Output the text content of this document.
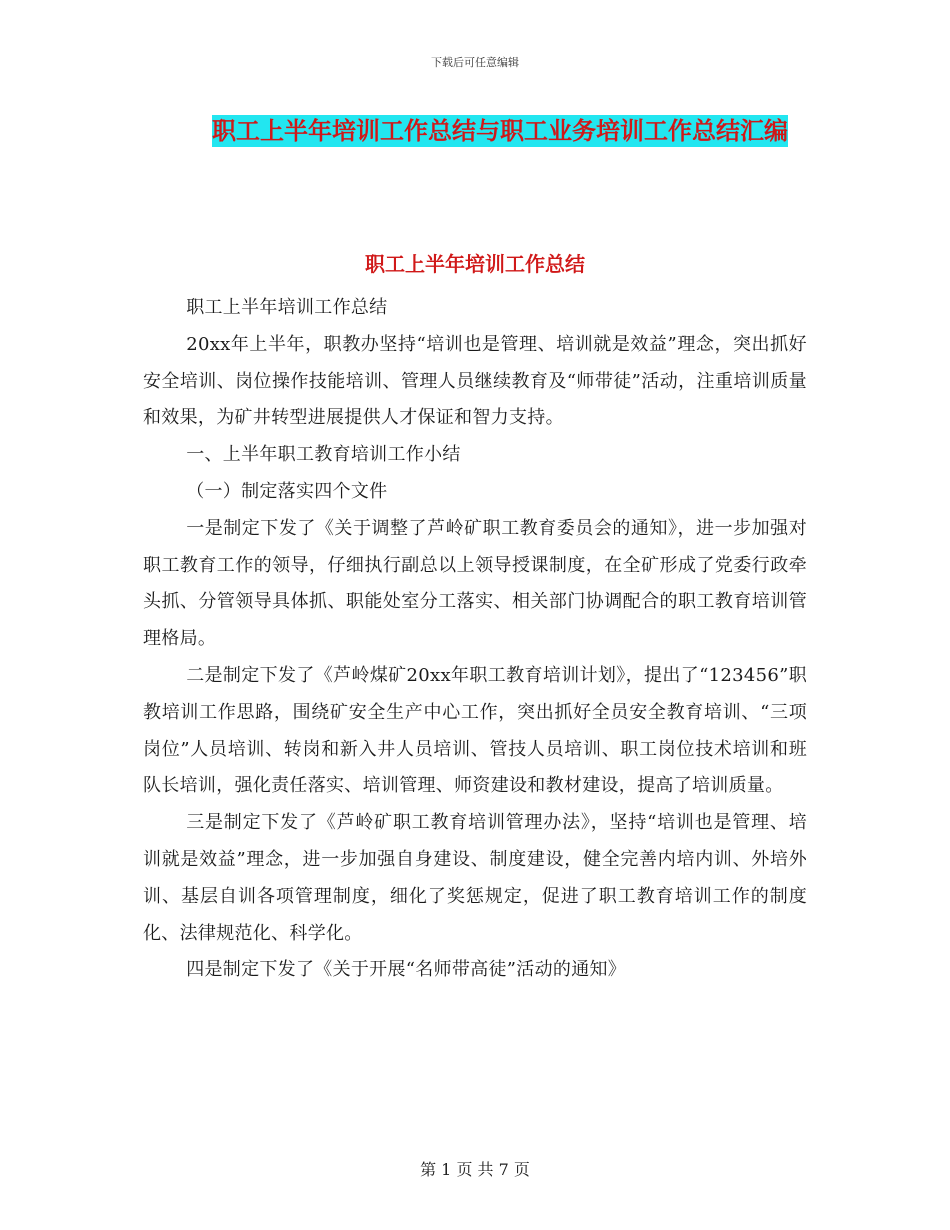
下载后可任意编辑
职工上半年培训工作总结与职工业务培训工作总结汇编
职工上半年培训工作总结

职工上半年培训工作总结

20xx年上半年，职教办坚持“培训也是管理、培训就是效益”理念，突出抓好安全培训、岗位操作技能培训、管理人员继续教育及“师带徒”活动，注重培训质量和效果，为矿井转型进展提供人才保证和智力支持。

一、上半年职工教育培训工作小结

（一）制定落实四个文件

一是制定下发了《关于调整了芦岭矿职工教育委员会的通知》，进一步加强对职工教育工作的领导，仔细执行副总以上领导授课制度，在全矿形成了党委行政牵头抓、分管领导具体抓、职能处室分工落实、相关部门协调配合的职工教育培训管理格局。

二是制定下发了《芦岭煤矿20xx年职工教育培训计划》，提出了“123456”职教培训工作思路，围绕矿安全生产中心工作，突出抓好全员安全教育培训、“三项岗位”人员培训、转岗和新入井人员培训、管技人员培训、职工岗位技术培训和班队长培训，强化责任落实、培训管理、师资建设和教材建设，提高了培训质量。

三是制定下发了《芦岭矿职工教育培训管理办法》，坚持“培训也是管理、培训就是效益”理念，进一步加强自身建设、制度建设，健全完善内培内训、外培外训、基层自训各项管理制度，细化了奖惩规定，促进了职工教育培训工作的制度化、法律规范化、科学化。

四是制定下发了《关于开展“名师带高徒”活动的通知》

第 1 页 共 7 页
